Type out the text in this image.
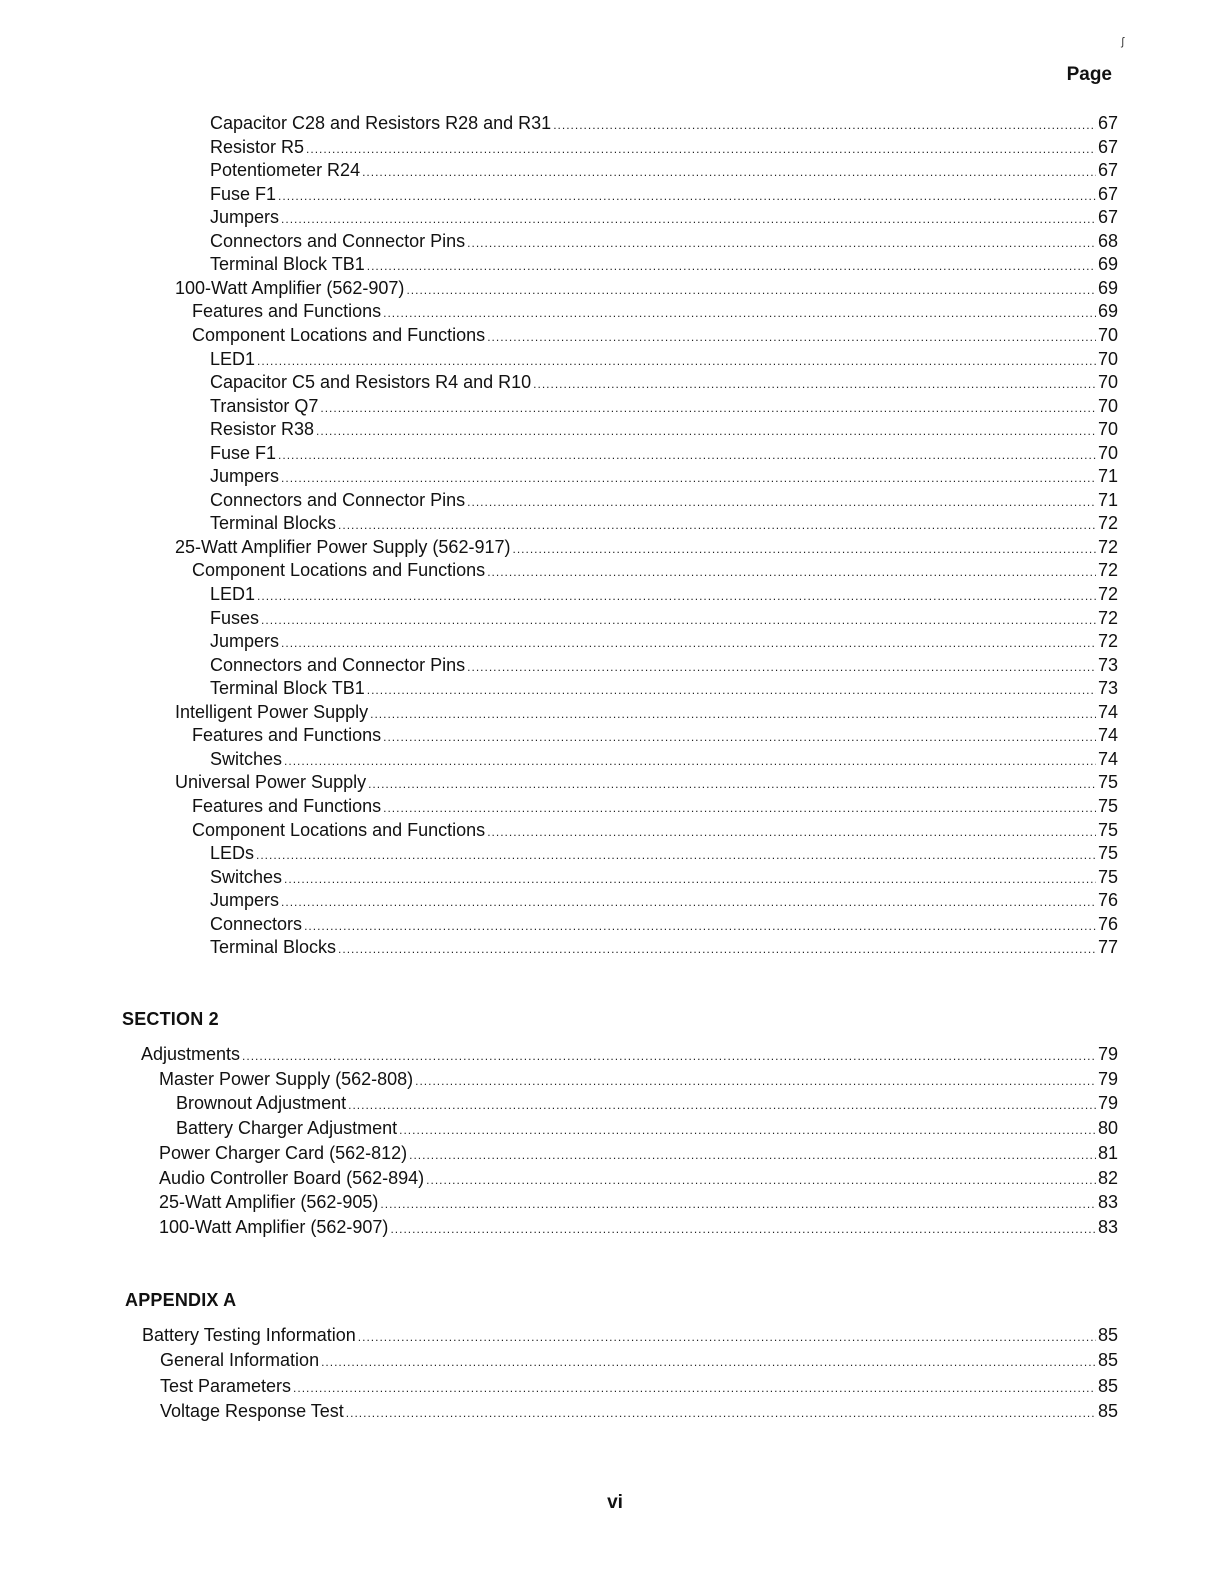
ʃ
Page
Capacitor C28 and Resistors R28 and R31 .....	67
Resistor R5 .....	67
Potentiometer R24 .....	67
Fuse F1 .....	67
Jumpers .....	67
Connectors and Connector Pins .....	68
Terminal Block TB1 .....	69
100-Watt Amplifier (562-907) .....	69
Features and Functions .....	69
Component Locations and Functions .....	70
LED1 .....	70
Capacitor C5 and Resistors R4 and R10 .....	70
Transistor Q7 .....	70
Resistor R38 .....	70
Fuse F1 .....	70
Jumpers .....	71
Connectors and Connector Pins .....	71
Terminal Blocks .....	72
25-Watt Amplifier Power Supply (562-917) .....	72
Component Locations and Functions .....	72
LED1 .....	72
Fuses .....	72
Jumpers .....	72
Connectors and Connector Pins .....	73
Terminal Block TB1 .....	73
Intelligent Power Supply .....	74
Features and Functions .....	74
Switches .....	74
Universal Power Supply .....	75
Features and Functions .....	75
Component Locations and Functions .....	75
LEDs .....	75
Switches .....	75
Jumpers .....	76
Connectors .....	76
Terminal Blocks .....	77
SECTION 2
Adjustments .....	79
Master Power Supply (562-808) .....	79
Brownout Adjustment .....	79
Battery Charger Adjustment .....	80
Power Charger Card (562-812) .....	81
Audio Controller Board (562-894) .....	82
25-Watt Amplifier (562-905) .....	83
100-Watt Amplifier (562-907) .....	83
APPENDIX A
Battery Testing Information .....	85
General Information .....	85
Test Parameters .....	85
Voltage Response Test .....	85
vi
